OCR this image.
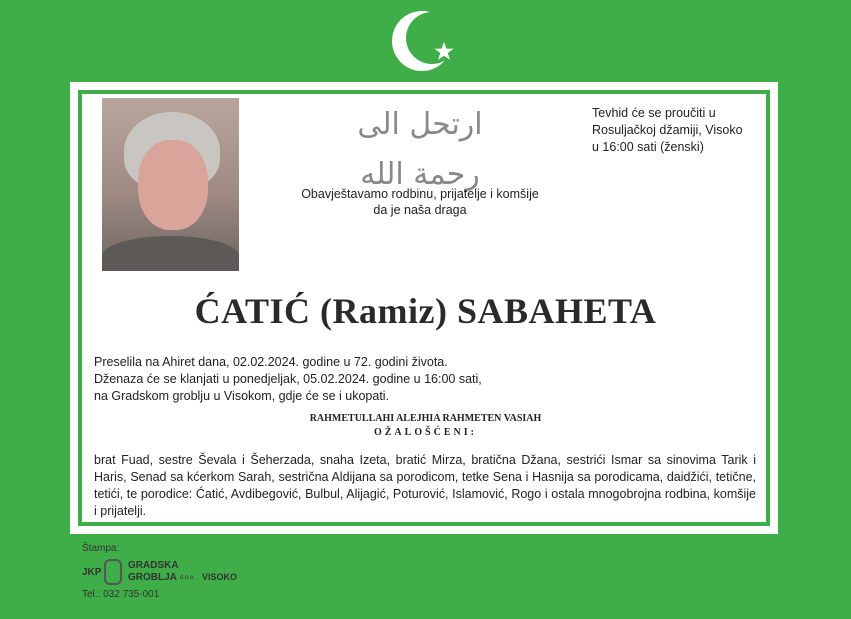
ارتحل الى رحمة الله
Tevhid će se proučiti u
Rosuljačkoj džamiji, Visoko
u 16:00 sati (ženski)
Obavještavamo rodbinu, prijatelje i komšije
da je naša draga
ĆATIĆ (Ramiz) SABAHETA
Preselila na Ahiret dana, 02.02.2024. godine u 72. godini života.
Dženaza će se klanjati u ponedjeljak, 05.02.2024. godine u 16:00 sati,
na Gradskom groblju u Visokom, gdje će se i ukopati.
RAHMETULLAHI ALEJHIA RAHMETEN VASIAH
OŽALOŠĆENI:
brat Fuad, sestre Ševala i Šeherzada, snaha Izeta, bratić Mirza, bratična Džana, sestrići Ismar sa sinovima Tarik i Haris, Senad sa kćerkom Sarah, sestrična Aldijana sa porodicom, tetke Sena i Hasnija sa porodicama, daidžići, tetične, tetići, te porodice: Ćatić, Avdibegović, Bulbul, Alijagić, Poturović, Islamović, Rogo i ostala mnogobrojna rodbina, komšije i prijatelji.
Štampa:
JKP
GRADSKA
GROBLJA d.o.o. VISOKO
Tel.: 032 735-001
